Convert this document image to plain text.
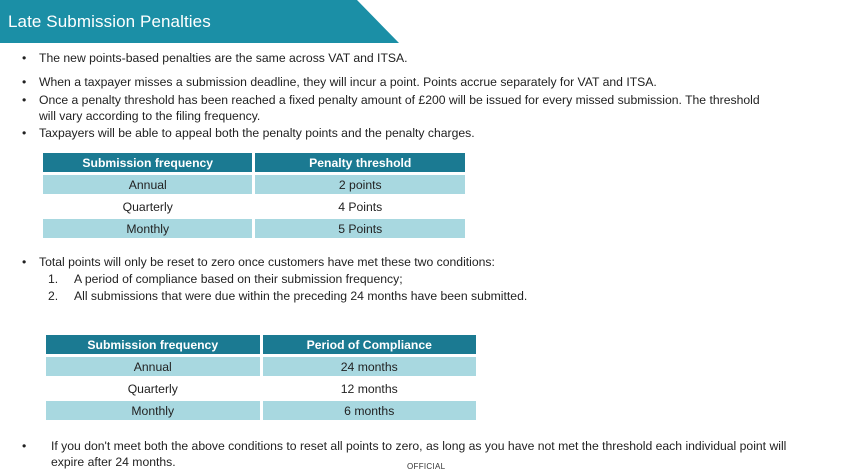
Late Submission Penalties
•	The new points-based penalties are the same across VAT and ITSA.
•	When a taxpayer misses a submission deadline, they will incur a point. Points accrue separately for VAT and ITSA.
•	Once a penalty threshold has been reached a fixed penalty amount of £200 will be issued for every missed submission. The threshold will vary according to the filing frequency.
•	Taxpayers will be able to appeal both the penalty points and the penalty charges.
Submission frequency	Penalty threshold
Annual	2 points
Quarterly	4 Points
Monthly	5 Points
•	Total points will only be reset to zero once customers have met these two conditions:
1.	A period of compliance based on their submission frequency;
2.	All submissions that were due within the preceding 24 months have been submitted.
Submission frequency	Period of Compliance
Annual	24 months
Quarterly	12 months
Monthly	6 months
•	If you don't meet both the above conditions to reset all points to zero, as long as you have not met the threshold each individual point will expire after 24 months.	OFFICIAL
